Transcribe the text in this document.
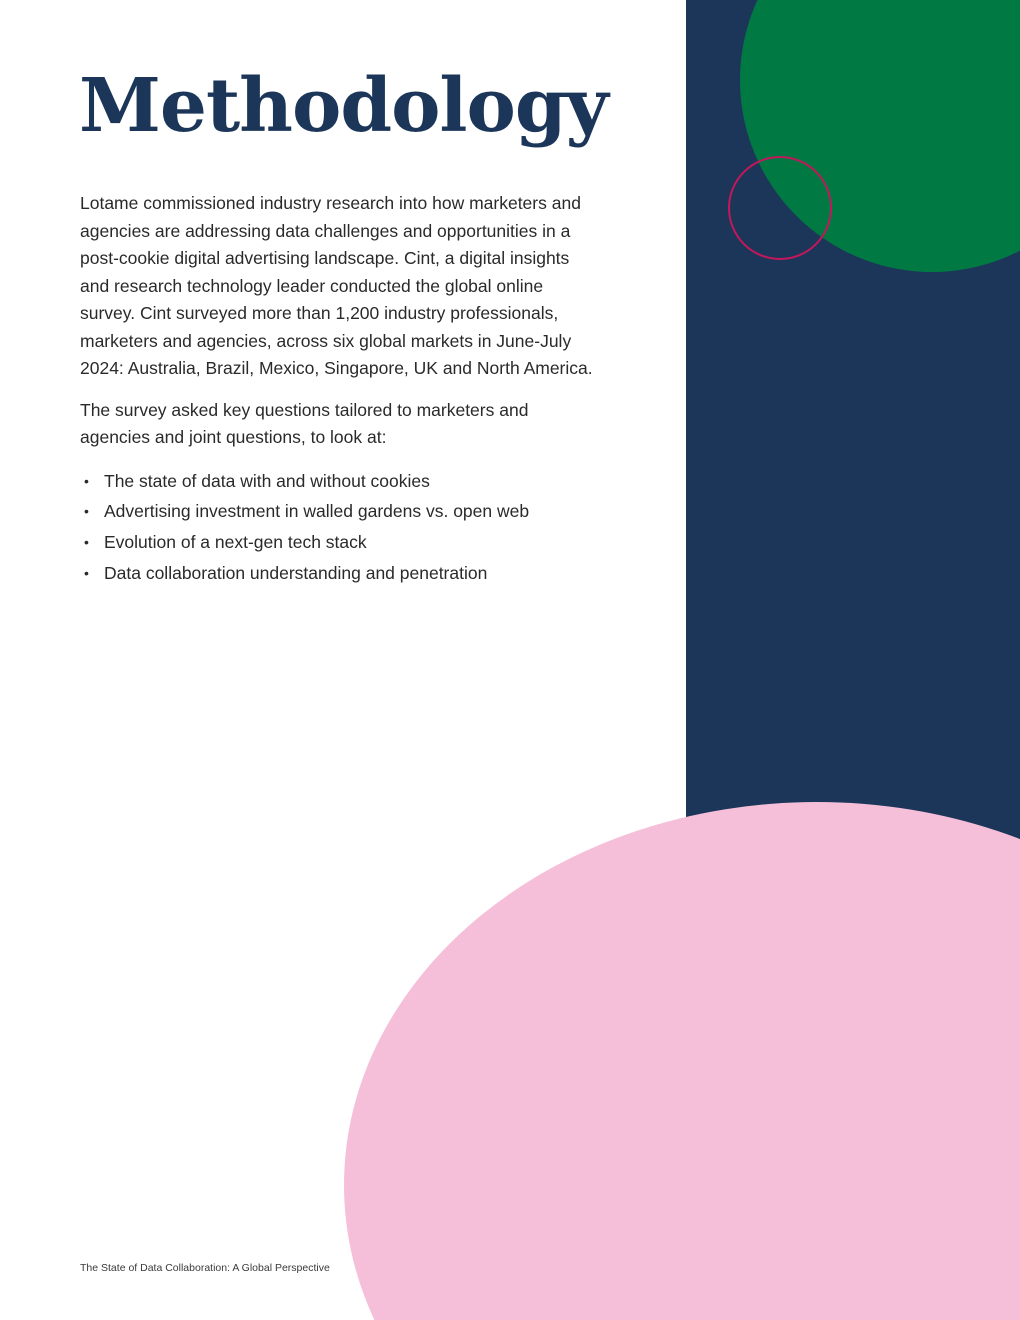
Methodology

Lotame commissioned industry research into how marketers and agencies are addressing data challenges and opportunities in a post-cookie digital advertising landscape. Cint, a digital insights and research technology leader conducted the global online survey. Cint surveyed more than 1,200 industry professionals, marketers and agencies, across six global markets in June-July 2024: Australia, Brazil, Mexico, Singapore, UK and North America.

The survey asked key questions tailored to marketers and agencies and joint questions, to look at:

• The state of data with and without cookies
• Advertising investment in walled gardens vs. open web
• Evolution of a next-gen tech stack
• Data collaboration understanding and penetration
The State of Data Collaboration: A Global Perspective
